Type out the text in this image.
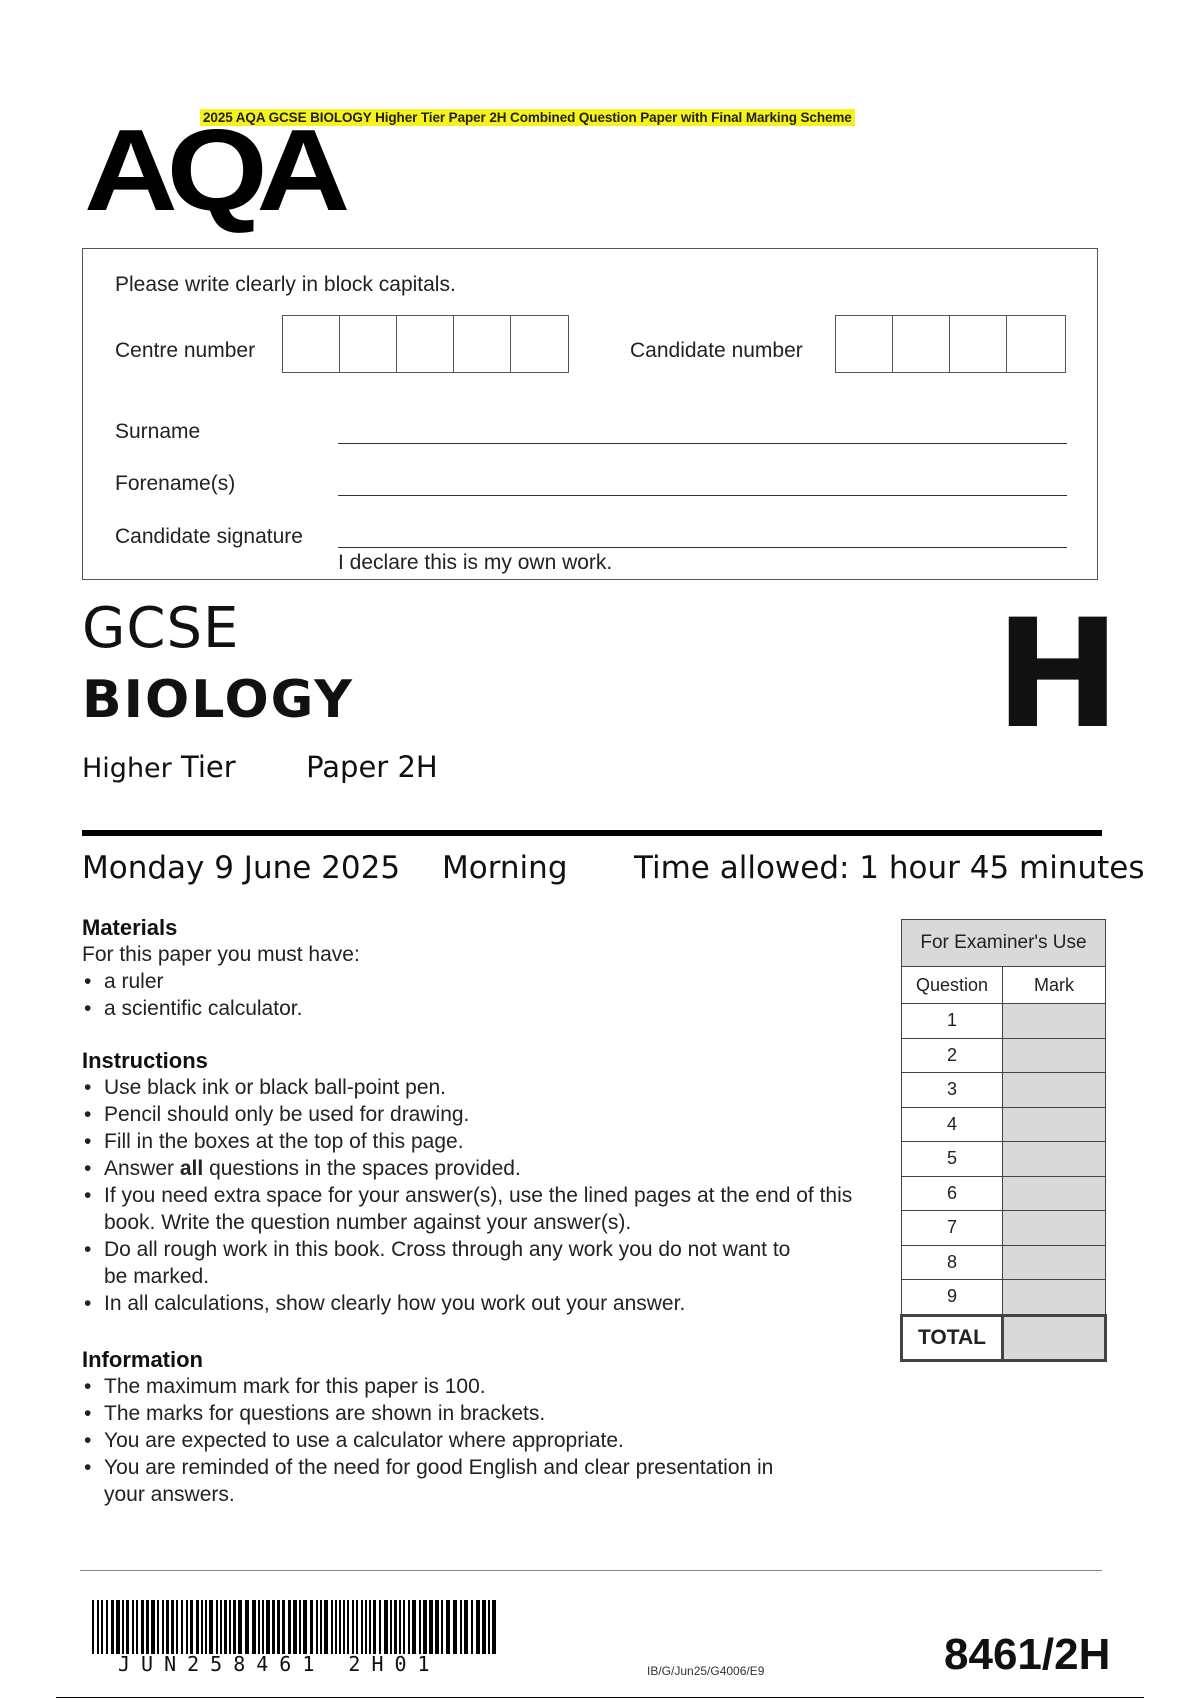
2025 AQA GCSE BIOLOGY Higher Tier Paper 2H Combined Question Paper with Final Marking Scheme
AQA
Please write clearly in block capitals.
Centre number	Candidate number
Surname
Forename(s)
Candidate signature
I declare this is my own work.
GCSE
BIOLOGY
Higher Tier Paper 2H
H
Monday 9 June 2025 Morning Time allowed: 1 hour 45 minutes
Materials

For this paper you must have:

• a ruler
• a scientific calculator.
Instructions
• Use black ink or black ball-point pen.
• Pencil should only be used for drawing.
• Fill in the boxes at the top of this page.
• Answer all questions in the spaces provided.
• If you need extra space for your answer(s), use the lined pages at the end of this book. Write the question number against your answer(s).
• Do all rough work in this book. Cross through any work you do not want to be marked.
• In all calculations, show clearly how you work out your answer.
Information
• The maximum mark for this paper is 100.
• The marks for questions are shown in brackets.
• You are expected to use a calculator where appropriate.
• You are reminded of the need for good English and clear presentation in your answers.
For Examiner's Use	
Question	Mark
1	
2	
3	
4	
5	
6	
7	
8	
9	
TOTAL	
JUN258461 2H01	IB/G/Jun25/G4006/E9	8461/2H
